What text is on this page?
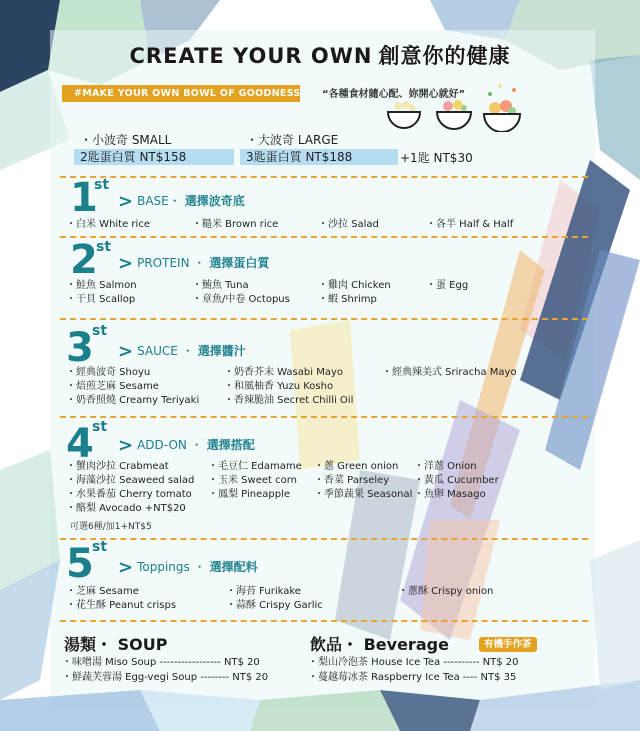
CREATE YOUR OWN 創意你的健康
#MAKE YOUR OWN BOWL OF GOODNESS “各種食材隨心配、妳開心就好”
・小波奇 SMALL
2匙蛋白質 NT$158
・大波奇 LARGE
3匙蛋白質 NT$188	+1匙 NT$30
1
st
> BASE・ 選擇波奇底
・白米 White rice	・糙米 Brown rice	・沙拉 Salad	・各半 Half & Half
2
st
> PROTEIN ・ 選擇蛋白質
・鮭魚 Salmon	・鮪魚 Tuna	・雞肉 Chicken	・蛋 Egg
・干貝 Scallop	・章魚/中卷 Octopus	・蝦 Shrimp
3
st
> SAUCE ・ 選擇醬汁
・經典波奇 Shoyu	・奶香芥末 Wasabi Mayo	・經典辣美式 Sriracha Mayo
・焙煎芝麻 Sesame	・和風柚香 Yuzu Kosho
・奶香照燒 Creamy Teriyaki ・香辣脆油 Secret Chilli Oil
4
st
> ADD-ON ・ 選擇搭配
・蟹肉沙拉 Crabmeat	・毛豆仁 Edamame ・蔥 Green onion ・洋蔥 Onion
・海藻沙拉 Seaweed salad ・玉米 Sweet corn ・香菜 Parseley ・黃瓜 Cucumber
・水果番茄 Cherry tomato ・鳳梨 Pineapple ・季節蔬果 Seasonal ・魚卵 Masago
・酪梨 Avocado +NT$20
可選6種/加1+NT$5
5
st
> Toppings ・ 選擇配料
・芝麻 Sesame	・海苔 Furikake	・蔥酥 Crispy onion
・花生酥 Peanut crisps	・蒜酥 Crispy Garlic
湯類・ SOUP
・味噌湯 Miso Soup ----------------- NT$ 20
・鮮蔬芙蓉湯 Egg-vegi Soup -------- NT$ 20
飲品・ Beverage	有機手作茶
・梨山冷泡茶 House Ice Tea ---------- NT$ 20
・蔓越莓冰茶 Raspberry Ice Tea ---- NT$ 35
